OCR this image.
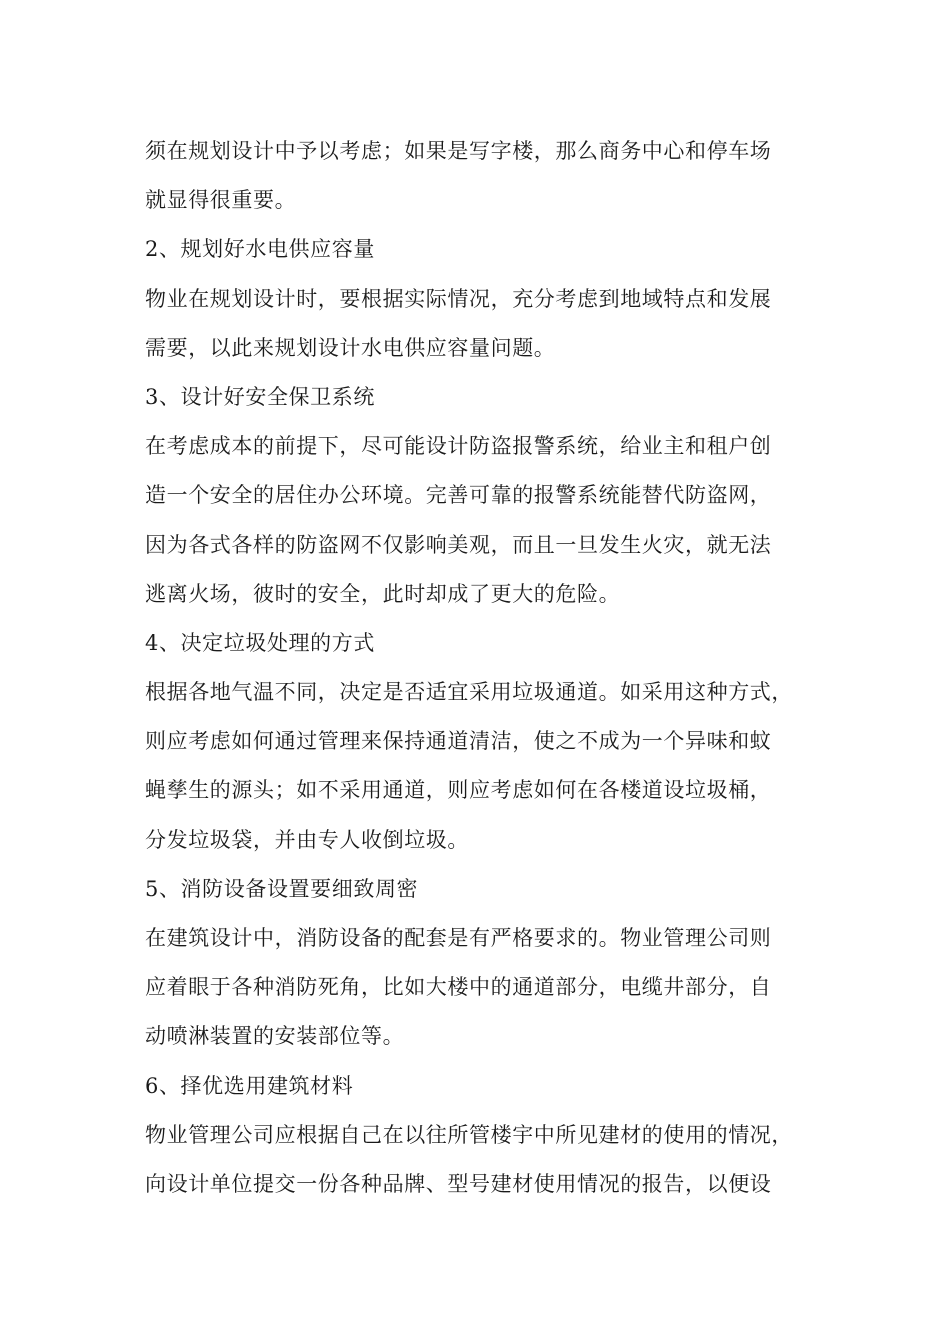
须在规划设计中予以考虑；如果是写字楼，那么商务中心和停车场
就显得很重要。
2、规划好水电供应容量
物业在规划设计时，要根据实际情况，充分考虑到地域特点和发展
需要，以此来规划设计水电供应容量问题。
3、设计好安全保卫系统
在考虑成本的前提下，尽可能设计防盗报警系统，给业主和租户创
造一个安全的居住办公环境。完善可靠的报警系统能替代防盗网，
因为各式各样的防盗网不仅影响美观，而且一旦发生火灾，就无法
逃离火场，彼时的安全，此时却成了更大的危险。
4、决定垃圾处理的方式
根据各地气温不同，决定是否适宜采用垃圾通道。如采用这种方式，
则应考虑如何通过管理来保持通道清洁，使之不成为一个异味和蚊
蝇孳生的源头；如不采用通道，则应考虑如何在各楼道设垃圾桶，
分发垃圾袋，并由专人收倒垃圾。
5、消防设备设置要细致周密
在建筑设计中，消防设备的配套是有严格要求的。物业管理公司则
应着眼于各种消防死角，比如大楼中的通道部分，电缆井部分，自
动喷淋装置的安装部位等。
6、择优选用建筑材料
物业管理公司应根据自己在以往所管楼宇中所见建材的使用的情况，
向设计单位提交一份各种品牌、型号建材使用情况的报告，以便设
